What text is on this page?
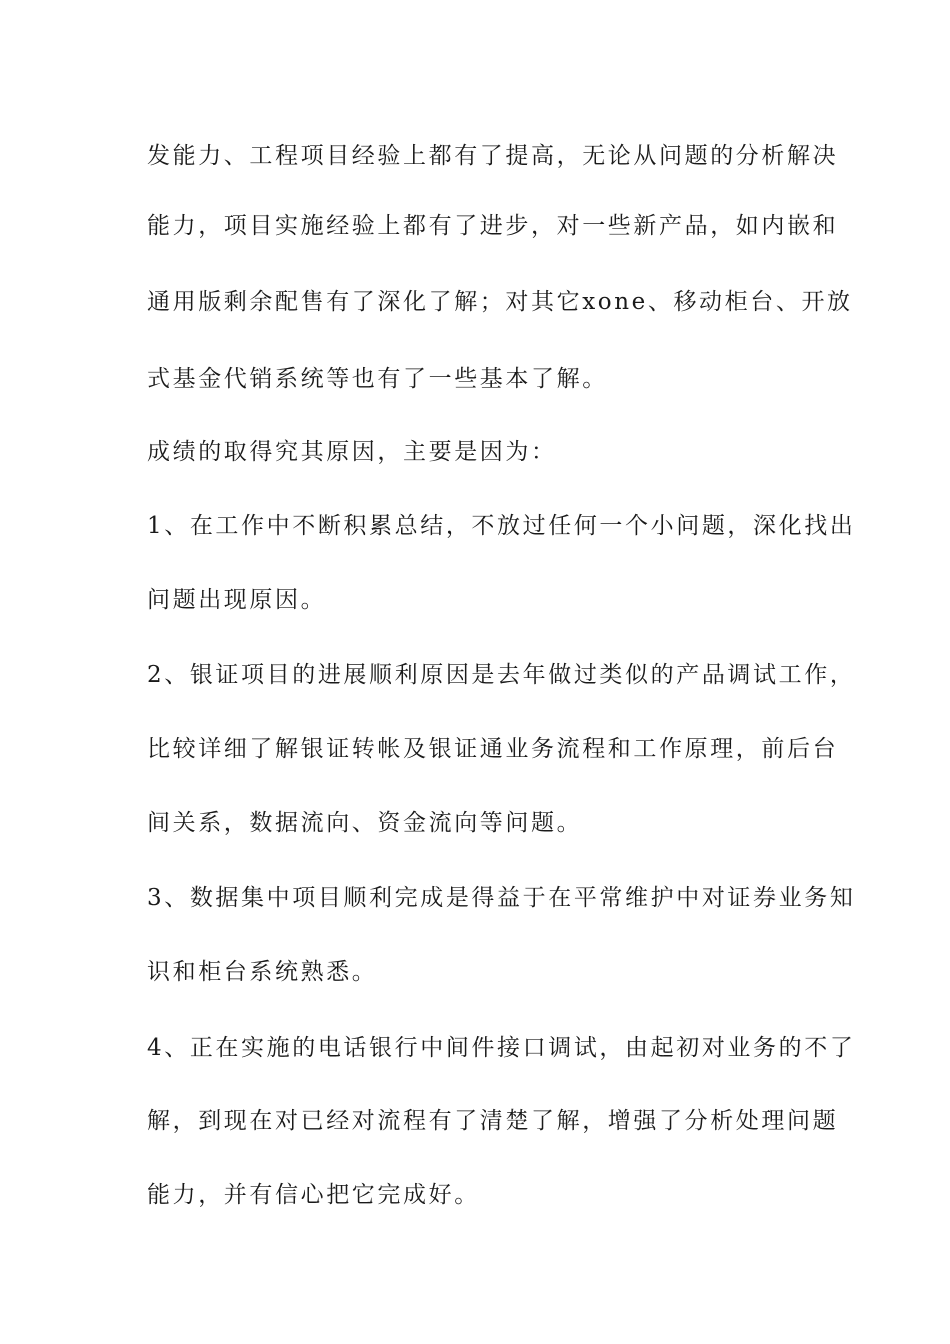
发能力、工程项目经验上都有了提高，无论从问题的分析解决
能力，项目实施经验上都有了进步，对一些新产品，如内嵌和
通用版剩余配售有了深化了解；对其它xone、移动柜台、开放
式基金代销系统等也有了一些基本了解。
成绩的取得究其原因，主要是因为：
1、在工作中不断积累总结，不放过任何一个小问题，深化找出
问题出现原因。
2、银证项目的进展顺利原因是去年做过类似的产品调试工作，
比较详细了解银证转帐及银证通业务流程和工作原理，前后台
间关系，数据流向、资金流向等问题。
3、数据集中项目顺利完成是得益于在平常维护中对证券业务知
识和柜台系统熟悉。
4、正在实施的电话银行中间件接口调试，由起初对业务的不了
解，到现在对已经对流程有了清楚了解，增强了分析处理问题
能力，并有信心把它完成好。
